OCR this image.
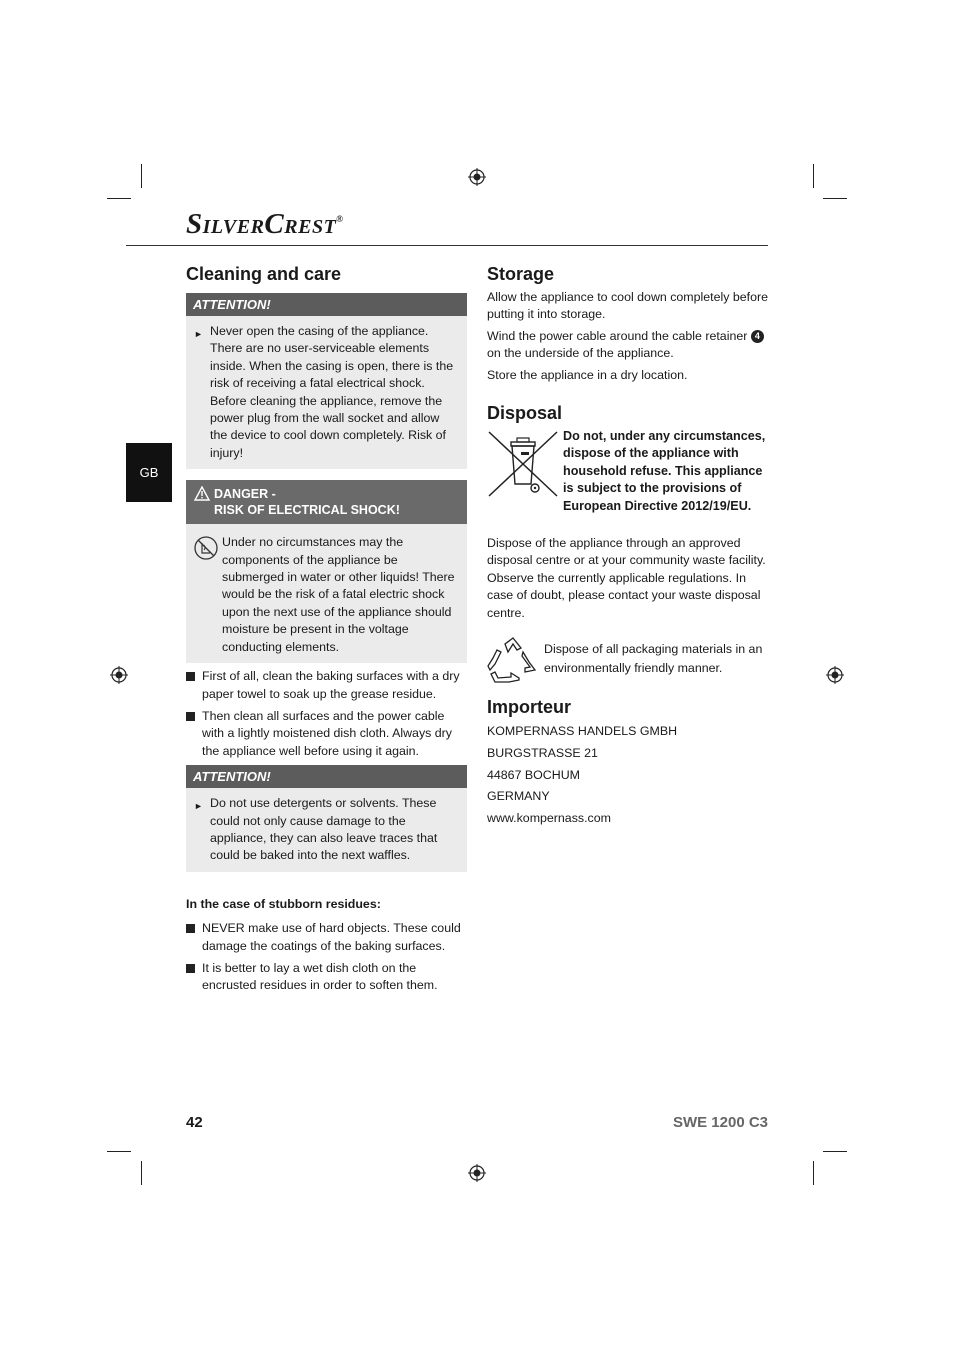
SILVERCREST®
GB
Cleaning and care
ATTENTION!
► Never open the casing of the appliance. There are no user-serviceable elements inside. When the casing is open, there is the risk of receiving a fatal electrical shock. Before cleaning the appliance, remove the power plug from the wall socket and allow the device to cool down completely. Risk of injury!
DANGER -
RISK OF ELECTRICAL SHOCK!
Under no circumstances may the components of the appliance be submerged in water or other liquids! There would be the risk of a fatal electric shock upon the next use of the appliance should moisture be present in the voltage conducting elements.
First of all, clean the baking surfaces with a dry paper towel to soak up the grease residue.
Then clean all surfaces and the power cable with a lightly moistened dish cloth. Always dry the appliance well before using it again.
ATTENTION!
► Do not use detergents or solvents. These could not only cause damage to the appliance, they can also leave traces that could be baked into the next waffles.
In the case of stubborn residues:
NEVER make use of hard objects. These could damage the coatings of the baking surfaces.
It is better to lay a wet dish cloth on the encrusted residues in order to soften them.
Storage
Allow the appliance to cool down completely before putting it into storage.
Wind the power cable around the cable retainer 4 on the underside of the appliance.
Store the appliance in a dry location.
Disposal
Do not, under any circumstances, dispose of the appliance with household refuse. This appliance is subject to the provisions of European Directive 2012/19/EU.
Dispose of the appliance through an approved disposal centre or at your community waste facility. Observe the currently applicable regulations. In case of doubt, please contact your waste disposal centre.
Dispose of all packaging materials in an environmentally friendly manner.
Importeur
KOMPERNASS HANDELS GMBH
BURGSTRASSE 21
44867 BOCHUM
GERMANY
www.kompernass.com
42	SWE 1200 C3
